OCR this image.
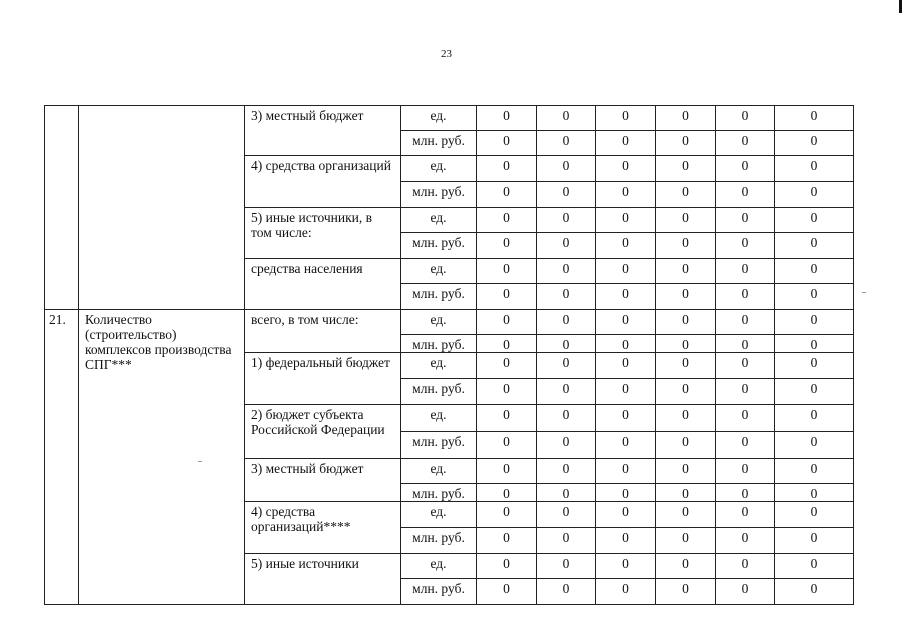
23
		3) местный бюджет	ед.	0	0	0	0	0	0
			млн. руб.	0	0	0	0	0	0
		4) средства организаций	ед.	0	0	0	0	0	0
			млн. руб.	0	0	0	0	0	0
		5) иные источники, в том числе:	ед.	0	0	0	0	0	0
			млн. руб.	0	0	0	0	0	0
		средства населения	ед.	0	0	0	0	0	0
			млн. руб.	0	0	0	0	0	0
21.	Количество (строительство) комплексов производства СПГ***	всего, в том числе:	ед.	0	0	0	0	0	0
			млн. руб.	0	0	0	0	0	0
		1) федеральный бюджет	ед.	0	0	0	0	0	0
			млн. руб.	0	0	0	0	0	0
		2) бюджет субъекта Российской Федерации	ед.	0	0	0	0	0	0
			млн. руб.	0	0	0	0	0	0
		3) местный бюджет	ед.	0	0	0	0	0	0
			млн. руб.	0	0	0	0	0	0
		4) средства организаций****	ед.	0	0	0	0	0	0
			млн. руб.	0	0	0	0	0	0
		5) иные источники	ед.	0	0	0	0	0	0
			млн. руб.	0	0	0	0	0	0
